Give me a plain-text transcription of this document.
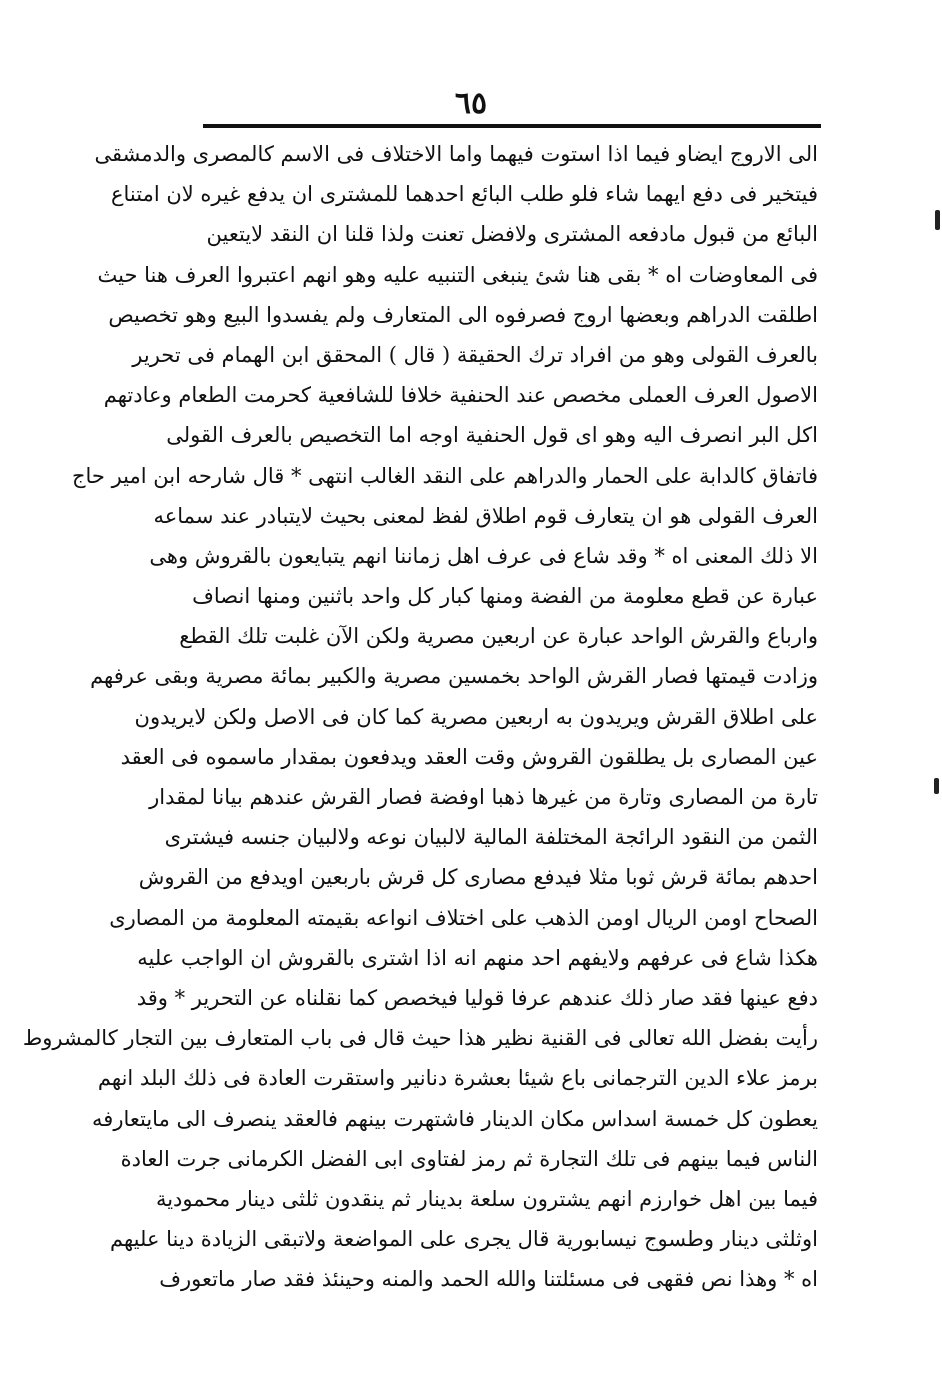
٦٥
الى الاروج ايضاو فيما اذا استوت فيهما واما الاختلاف فى الاسم كالمصرى والدمشقى
فيتخير فى دفع ايهما شاء فلو طلب البائع احدهما للمشترى ان يدفع غيره لان امتناع
البائع من قبول مادفعه المشترى ولافضل تعنت ولذا قلنا ان النقد لايتعين
فى المعاوضات اه * بقى هنا شئ ينبغى التنبيه عليه وهو انهم اعتبروا العرف هنا حيث
اطلقت الدراهم وبعضها اروج فصرفوه الى المتعارف ولم يفسدوا البيع وهو تخصيص
بالعرف القولى وهو من افراد ترك الحقيقة ( قال ) المحقق ابن الهمام فى تحرير
الاصول العرف العملى مخصص عند الحنفية خلافا للشافعية كحرمت الطعام وعادتهم
اكل البر انصرف اليه وهو اى قول الحنفية اوجه اما التخصيص بالعرف القولى
فاتفاق كالدابة على الحمار والدراهم على النقد الغالب انتهى * قال شارحه ابن امير حاج
العرف القولى هو ان يتعارف قوم اطلاق لفظ لمعنى بحيث لايتبادر عند سماعه
الا ذلك المعنى اه * وقد شاع فى عرف اهل زماننا انهم يتبايعون بالقروش وهى
عبارة عن قطع معلومة من الفضة ومنها كبار كل واحد باثنين ومنها انصاف
وارباع والقرش الواحد عبارة عن اربعين مصرية ولكن الآن غلبت تلك القطع
وزادت قيمتها فصار القرش الواحد بخمسين مصرية والكبير بمائة مصرية وبقى عرفهم
على اطلاق القرش ويريدون به اربعين مصرية كما كان فى الاصل ولكن لايريدون
عين المصارى بل يطلقون القروش وقت العقد ويدفعون بمقدار ماسموه فى العقد
تارة من المصارى وتارة من غيرها ذهبا اوفضة فصار القرش عندهم بيانا لمقدار
الثمن من النقود الرائجة المختلفة المالية لالبيان نوعه ولالبيان جنسه فيشترى
احدهم بمائة قرش ثوبا مثلا فيدفع مصارى كل قرش باربعين اويدفع من القروش
الصحاح اومن الريال اومن الذهب على اختلاف انواعه بقيمته المعلومة من المصارى
هكذا شاع فى عرفهم ولايفهم احد منهم انه اذا اشترى بالقروش ان الواجب عليه
دفع عينها فقد صار ذلك عندهم عرفا قوليا فيخصص كما نقلناه عن التحرير * وقد
رأيت بفضل الله تعالى فى القنية نظير هذا حيث قال فى باب المتعارف بين التجار كالمشروط
برمز علاء الدين الترجمانى باع شيئا بعشرة دنانير واستقرت العادة فى ذلك البلد انهم
يعطون كل خمسة اسداس مكان الدينار فاشتهرت بينهم فالعقد ينصرف الى مايتعارفه
الناس فيما بينهم فى تلك التجارة ثم رمز لفتاوى ابى الفضل الكرمانى جرت العادة
فيما بين اهل خوارزم انهم يشترون سلعة بدينار ثم ينقدون ثلثى دينار محمودية
اوثلثى دينار وطسوج نيسابورية قال يجرى على المواضعة ولاتبقى الزيادة دينا عليهم
اه * وهذا نص فقهى فى مسئلتنا والله الحمد والمنه وحينئذ فقد صار ماتعورف
